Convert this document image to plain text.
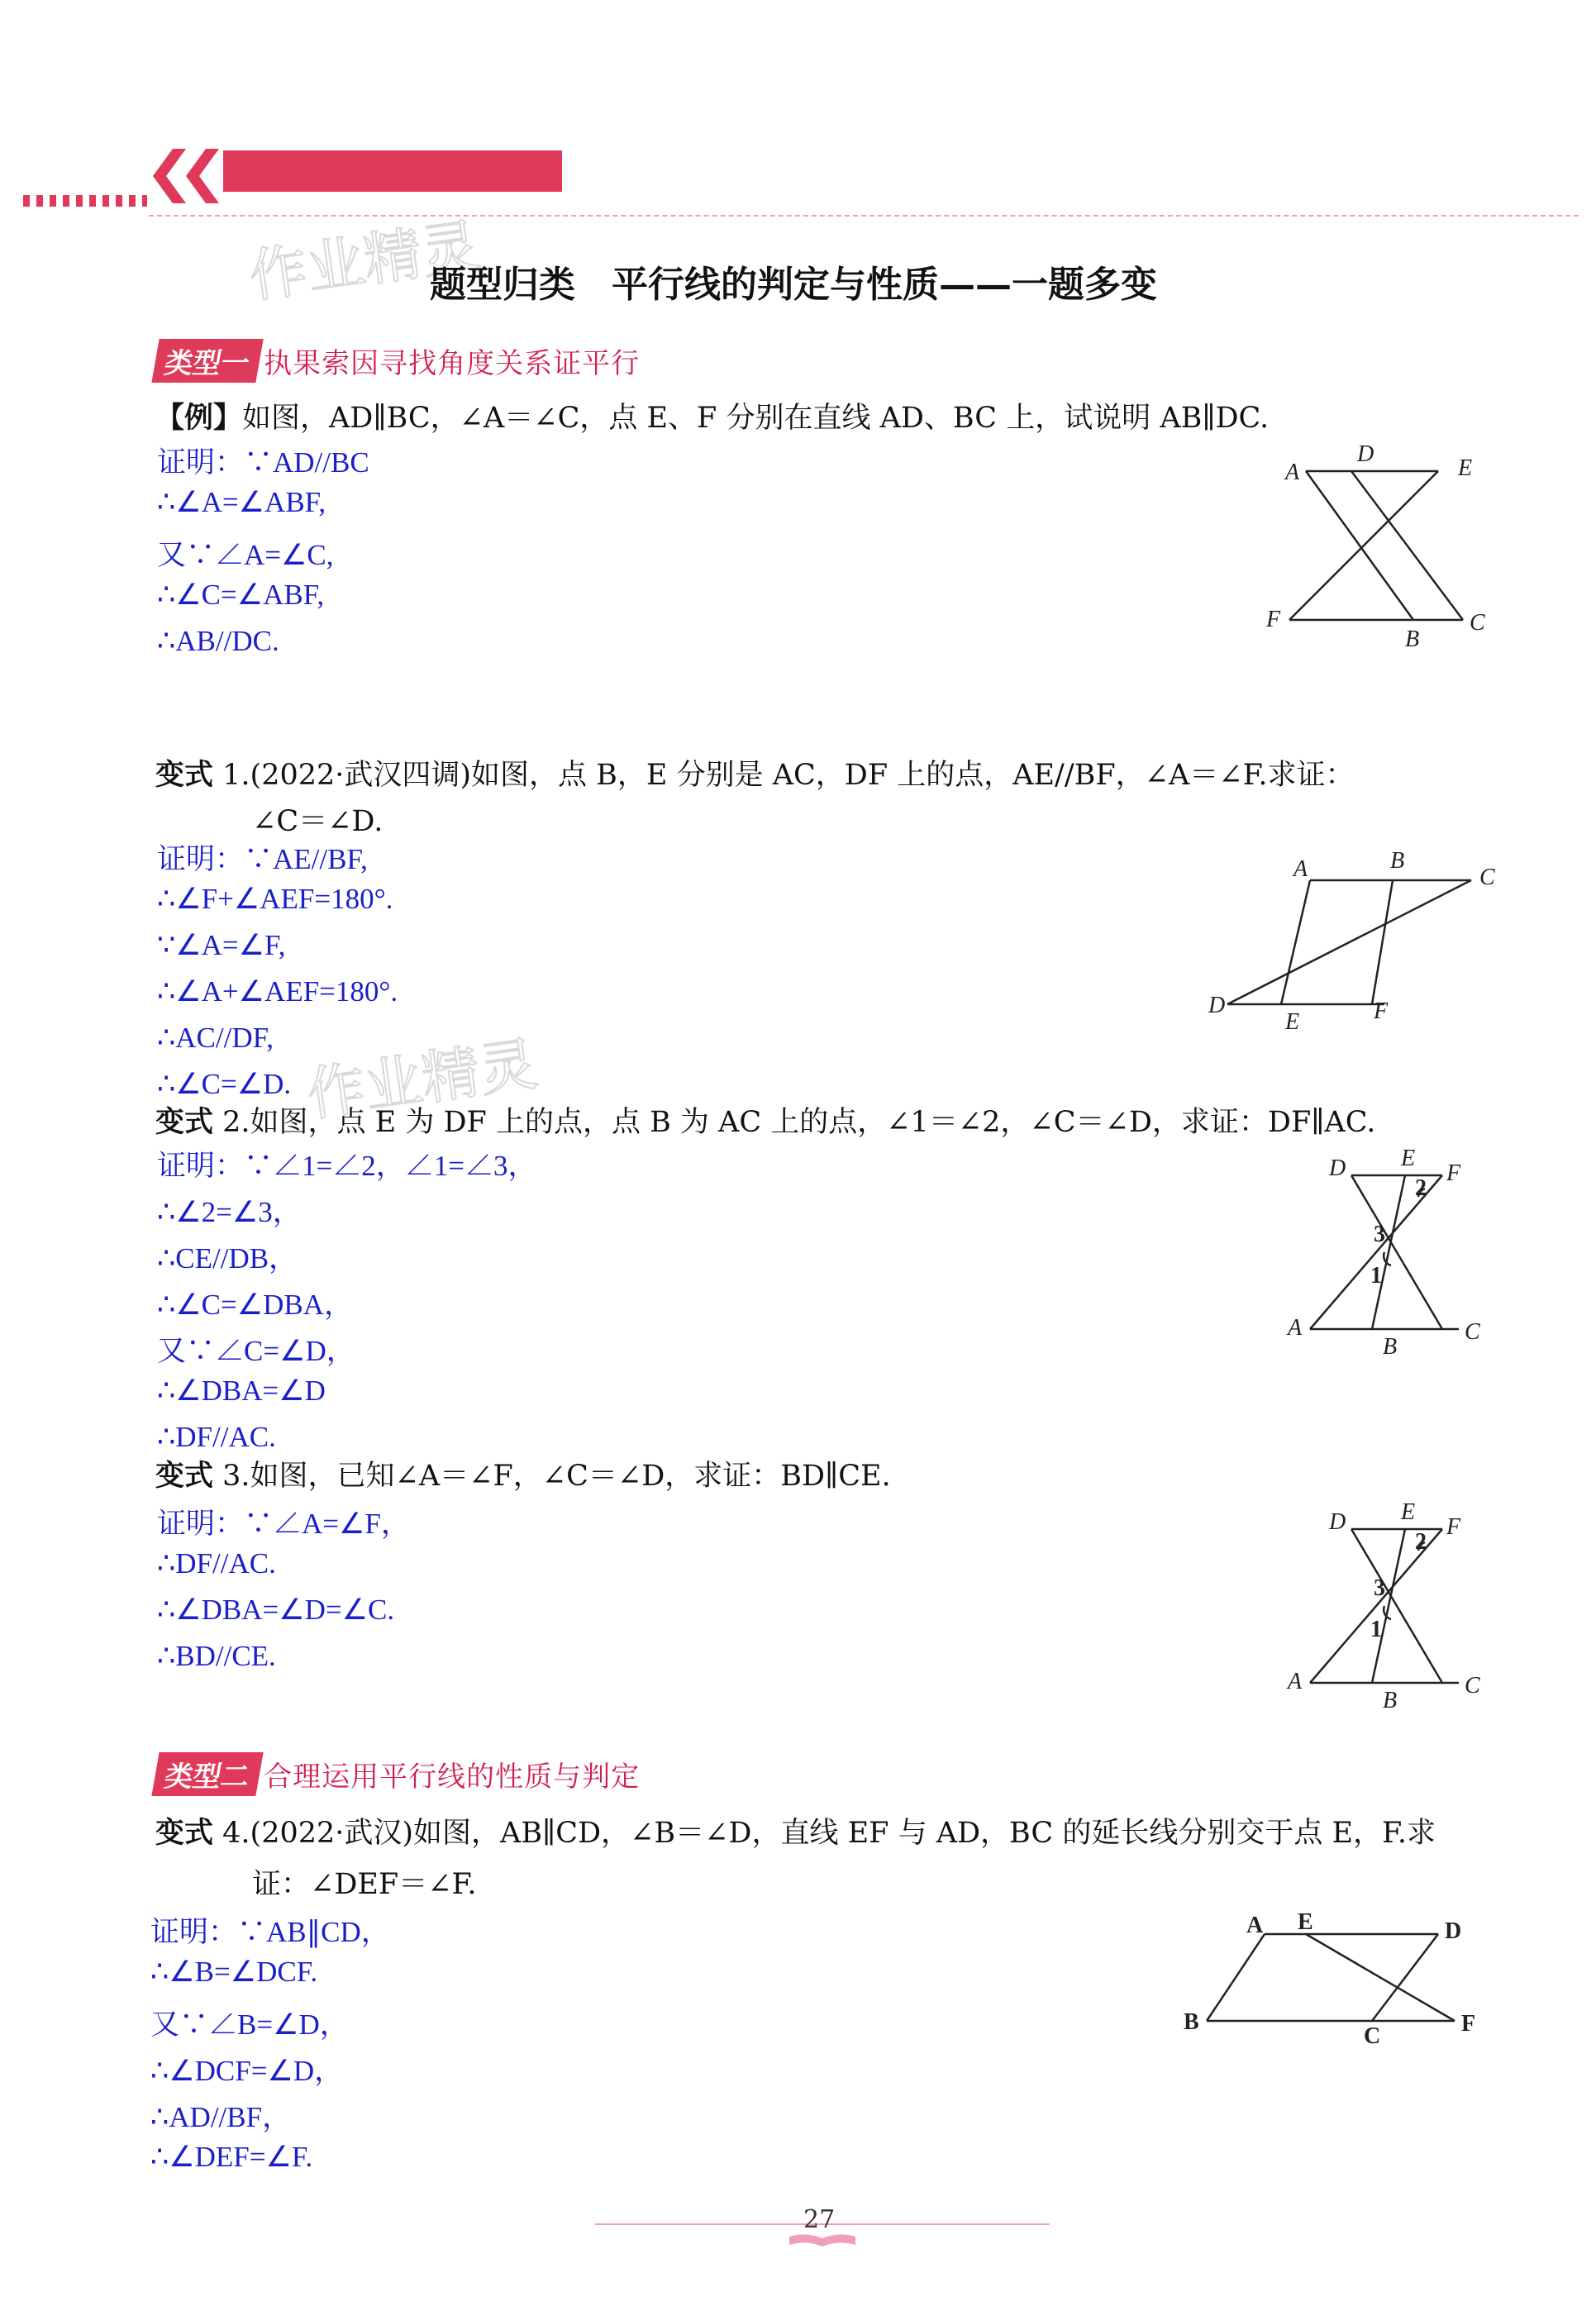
作业精灵
作业精灵
题型归类　平行线的判定与性质——一题多变
类型一 执果索因寻找角度关系证平行
【例】如图，AD∥BC，∠A＝∠C，点 E、F 分别在直线 AD、BC 上，试说明 AB∥DC.
证明：∵AD//BC
∴∠A=∠ABF,
又∵∠A=∠C,
∴∠C=∠ABF,
∴AB//DC.
A
D
E
F
B
C
变式 1.(2022·武汉四调)如图，点 B，E 分别是 AC，DF 上的点，AE//BF，∠A＝∠F.求证：
∠C＝∠D.
证明：∵AE//BF,
∴∠F+∠AEF=180°.
∵∠A=∠F,
∴∠A+∠AEF=180°.
∴AC//DF,
∴∠C=∠D.
A	B
C
D
E	F
变式 2.如图，点 E 为 DF 上的点，点 B 为 AC 上的点，∠1＝∠2，∠C＝∠D，求证：DF∥AC.
证明：∵∠1=∠2，∠1=∠3，
∴∠2=∠3，
∴CE//DB，
∴∠C=∠DBA，
又∵∠C=∠D，
∴∠DBA=∠D
∴DF//AC.
D E
F
A
B
C
1
2
3
变式 3.如图，已知∠A＝∠F，∠C＝∠D，求证：BD∥CE.
证明：∵∠A=∠F，
∴DF//AC.
∴∠DBA=∠D=∠C.
∴BD//CE.
D E
F
A
B
C
1
2
3
类型二 合理运用平行线的性质与判定
变式 4.(2022·武汉)如图，AB∥CD，∠B＝∠D，直线 EF 与 AD，BC 的延长线分别交于点 E，F.求
证：∠DEF＝∠F.
证明：∵AB∥CD，
∴∠B=∠DCF.
又∵∠B=∠D，
∴∠DCF=∠D，
∴AD//BF，
∴∠DEF=∠F.
A E	D
B
C	F
27
